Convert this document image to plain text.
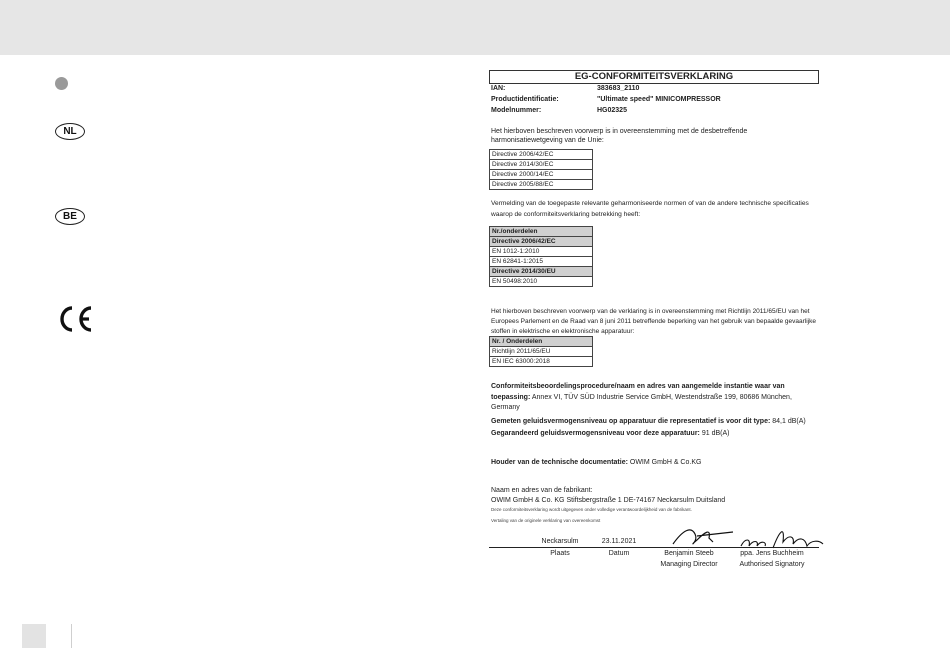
NL
BE
EG-CONFORMITEITSVERKLARING
IAN:	383683_2110
Productidentificatie:	"Ultimate speed" MINICOMPRESSOR
Modelnummer:	HG02325
Het hierboven beschreven voorwerp is in overeenstemming met de desbetreffende harmonisatiewetgeving van de Unie:
Directive 2006/42/EC
Directive 2014/30/EC
Directive 2000/14/EC
Directive 2005/88/EC
Vermelding van de toegepaste relevante geharmoniseerde normen of van de andere technische specificaties waarop de conformiteitsverklaring betrekking heeft:
Nr./onderdelen
Directive 2006/42/EC
EN 1012-1:2010
EN 62841-1:2015
Directive 2014/30/EU
EN 50498:2010
Het hierboven beschreven voorwerp van de verklaring is in overeenstemming met Richtlijn 2011/65/EU van het Europees Parlement en de Raad van 8 juni 2011 betreffende beperking van het gebruik van bepaalde gevaarlijke stoffen in elektrische en elektronische apparatuur:
Nr. / Onderdelen
Richtlijn 2011/65/EU
EN IEC 63000:2018
Conformiteitsbeoordelingsprocedure/naam en adres van aangemelde instantie waar van toepassing: Annex VI, TÜV SÜD Industrie Service GmbH, Westendstraße 199, 80686 München, Germany
Gemeten geluidsvermogensniveau op apparatuur die representatief is voor dit type: 84,1 dB(A)
Gegarandeerd geluidsvermogensniveau voor deze apparatuur: 91 dB(A)
Houder van de technische documentatie: OWIM GmbH & Co.KG
Naam en adres van de fabrikant:
OWIM GmbH & Co. KG Stiftsbergstraße 1 DE-74167 Neckarsulm Duitsland
Deze conformiteitsverklaring wordt uitgegeven onder volledige verantwoordelijkheid van de fabrikant.
Vertaling van de originele verklaring van overeenkomst
Neckarsulm	23.11.2021
Plaats	Datum	Benjamin Steeb
Managing Director
ppa. Jens Buchheim
Authorised Signatory
